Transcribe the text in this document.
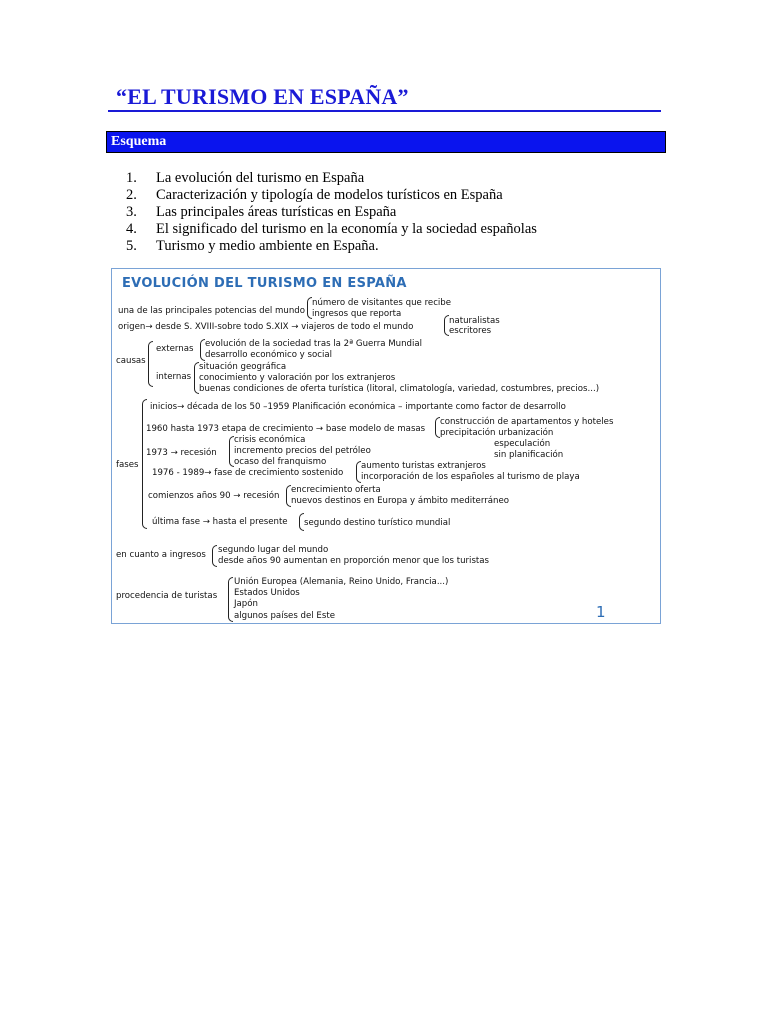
“EL TURISMO EN ESPAÑA”
Esquema
1. La evolución del turismo en España
2. Caracterización y tipología de modelos turísticos en España
3. Las principales áreas turísticas en España
4. El significado del turismo en la economía y la sociedad españolas
5. Turismo y medio ambiente en España.
EVOLUCIÓN DEL TURISMO EN ESPAÑA
una de las principales potencias del mundo
número de visitantes que recibe
ingresos que reporta
origen→ desde S. XVIII-sobre todo S.XIX → viajeros de todo el mundo
naturalistas
escritores
causas
externas evolución de la sociedad tras la 2ª Guerra Mundial
desarrollo económico y social
internas
situación geográfica
conocimiento y valoración por los extranjeros
buenas condiciones de oferta turística (litoral, climatología, variedad, costumbres, precios...)
fases
inicios→ década de los 50 –1959 Planificación económica – importante como factor de desarrollo
1960 hasta 1973 etapa de crecimiento → base modelo de masas
construcción de apartamentos y hoteles
precipitación urbanización
especulación
sin planificación
1973 → recesión
crisis económica
incremento precios del petróleo
ocaso del franquismo
1976 - 1989→ fase de crecimiento sostenido
aumento turistas extranjeros
incorporación de los españoles al turismo de playa
comienzos años 90 → recesión
encrecimiento oferta
nuevos destinos en Europa y ámbito mediterráneo
última fase → hasta el presente segundo destino turístico mundial
en cuanto a ingresos segundo lugar del mundo
desde años 90 aumentan en proporción menor que los turistas
procedencia de turistas
Unión Europea (Alemania, Reino Unido, Francia...)
Estados Unidos
Japón
algunos países del Este	1
